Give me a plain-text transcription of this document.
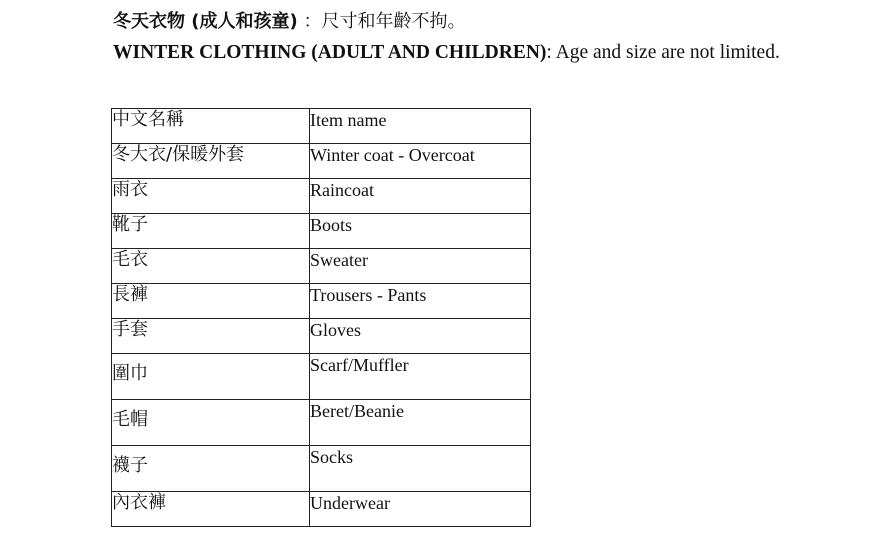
冬天衣物 (成人和孩童) ：尺寸和年齡不拘。
WINTER CLOTHING (ADULT AND CHILDREN): Age and size are not limited.
中文名稱	Item name
冬大衣/保暖外套	Winter coat - Overcoat
雨衣	Raincoat
靴子	Boots
毛衣	Sweater
長褲	Trousers - Pants
手套	Gloves
圍巾	Scarf/Muffler
毛帽	Beret/Beanie
襪子	Socks
內衣褲	Underwear
